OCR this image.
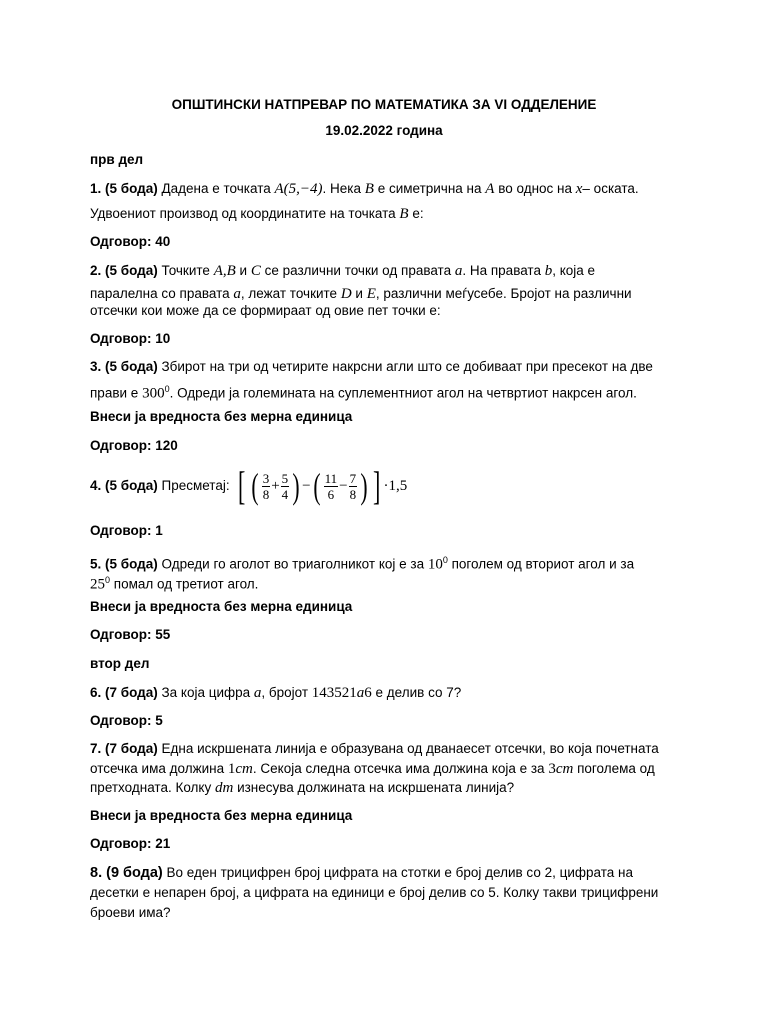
ОПШТИНСКИ НАТПРЕВАР ПО МАТЕМАТИКА ЗА VI ОДДЕЛЕНИЕ
19.02.2022 година
прв дел
1. (5 бода) Дадена е точката A(5,−4). Нека B е симетрична на A во однос на x– оската.
Удвоениот производ од координатите на точката B е:
Одговор: 40
2. (5 бода) Точките A,B и C се различни точки од правата a. На правата b, која е
паралелна со правата a, лежат точките D и E, различни меѓусебе. Бројот на различни
отсечки кои може да се формираат од овие пет точки е:
Одговор: 10
3. (5 бода) Збирот на три од четирите накрсни агли што се добиваат при пресекот на две
прави е $300^0$. Одреди ја големината на суплементниот агол на четвртиот накрсен агол.
Внеси ја вредноста без мерна единица
Одговор: 120
4. (5 бода) Пресметај: [ ( $\frac{3}{8} + \frac{5}{4}$ ) − ( $\frac{11}{6} - \frac{7}{8}$ ) ] ·1,5
Одговор: 1
5. (5 бода) Одреди го аголот во триаголникот кој е за $10^0$ поголем од вториот агол и за
$25^0$ помал од третиот агол.
Внеси ја вредноста без мерна единица
Одговор: 55
втор дел
6. (7 бода) За која цифра a, бројот 143521a6 е делив со 7?
Одговор: 5
7. (7 бода) Една искршената линија е образувана од дванаесет отсечки, во која почетната
отсечка има должина 1cm. Секоја следна отсечка има должина која е за 3cm поголема од
претходната. Колку dm изнесува должината на искршената линија?
Внеси ја вредноста без мерна единица
Одговор: 21
8. (9 бода) Во еден трицифрен број цифрата на стотки е број делив со 2, цифрата на
десетки е непарен број, а цифрата на единици е број делив со 5. Колку такви трицифрени
броеви има?
